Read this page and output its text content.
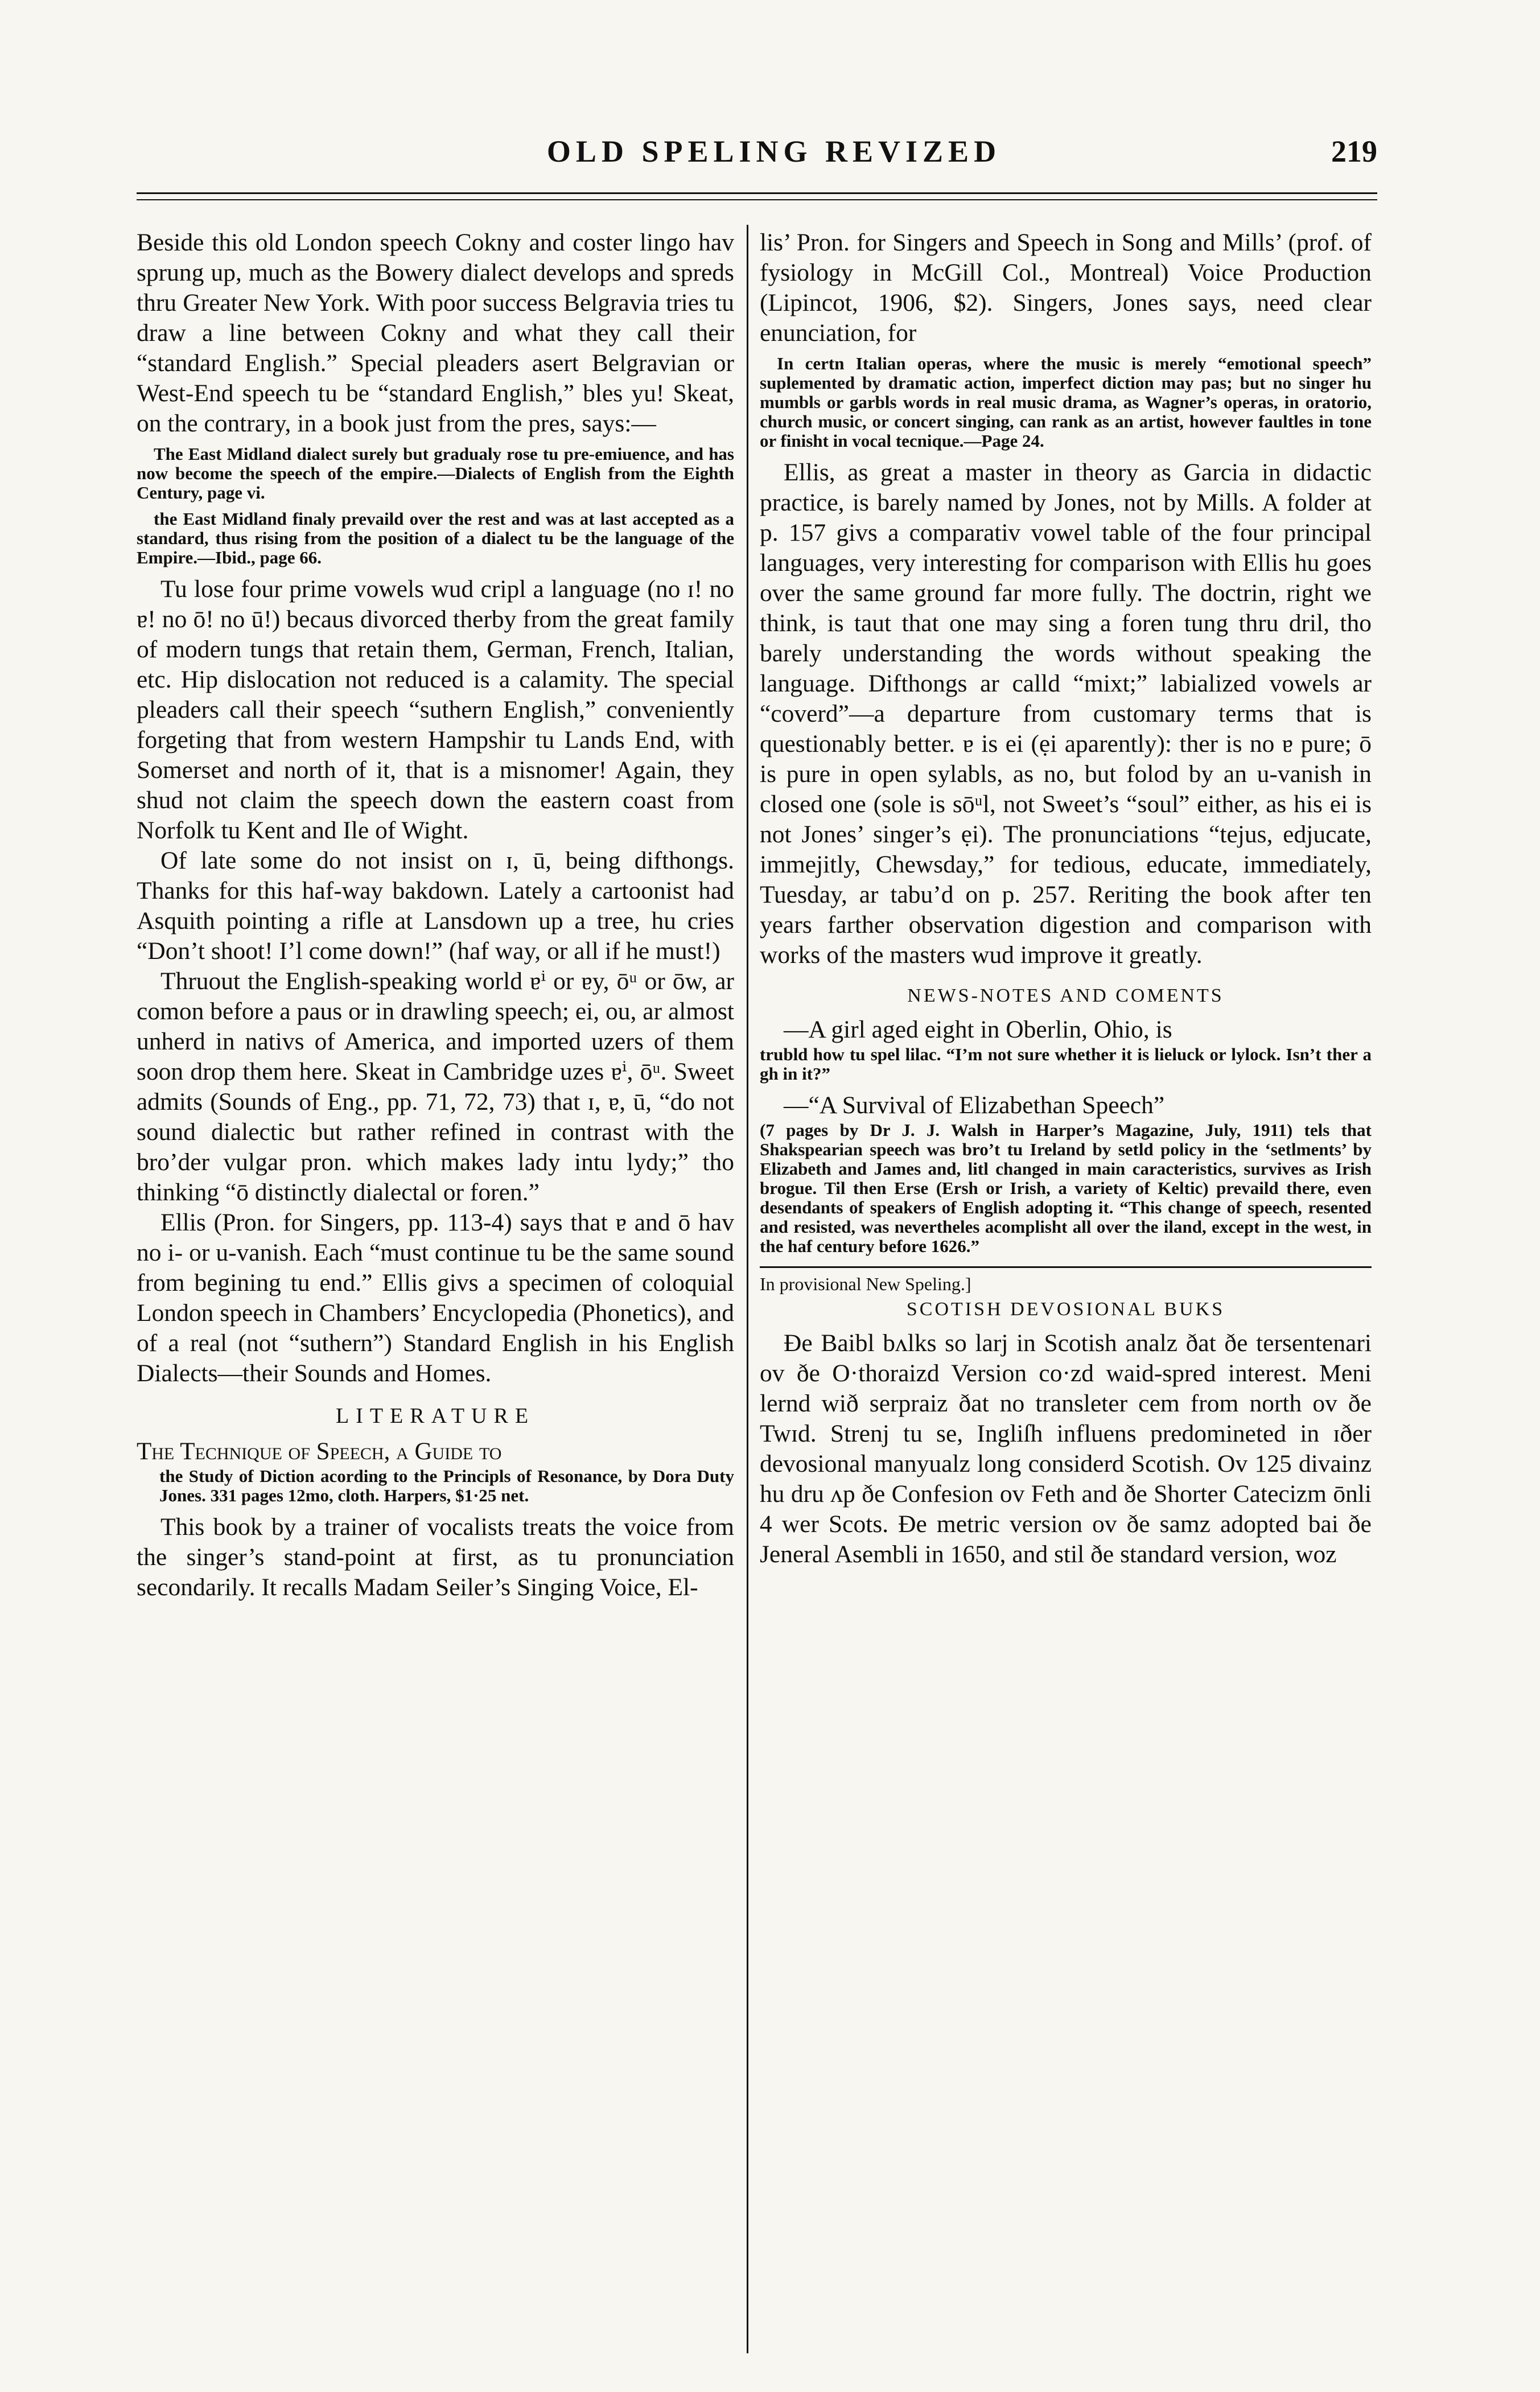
OLD SPELING REVIZED	219

Beside this old London speech Cokny and coster lingo hav sprung up, much as the Bowery dialect develops and spreds thru Greater New York. With poor success Belgravia tries tu draw a line between Cokny and what they call their “standard English.” Special pleaders asert Belgravian or West-End speech tu be “standard English,” bles yu! Skeat, on the contrary, in a book just from the pres, says:—

The East Midland dialect surely but gradualy rose tu pre-emiuence, and has now become the speech of the empire.—Dialects of English from the Eighth Century, page vi.

the East Midland finaly prevaild over the rest and was at last accepted as a standard, thus rising from the position of a dialect tu be the language of the Empire.—Ibid., page 66.

Tu lose four prime vowels wud cripl a language (no ɪ! no ɐ! no ō! no ū!) becaus divorced therby from the great family of modern tungs that retain them, German, French, Italian, etc. Hip dislocation not reduced is a calamity. The special pleaders call their speech “suthern English,” conveniently forgeting that from western Hampshir tu Lands End, with Somerset and north of it, that is a misnomer! Again, they shud not claim the speech down the eastern coast from Norfolk tu Kent and Ile of Wight.

Of late some do not insist on ɪ, ū, being difthongs. Thanks for this haf-way bakdown. Lately a cartoonist had Asquith pointing a rifle at Lansdown up a tree, hu cries “Don’t shoot! I’l come down!” (haf way, or all if he must!)

Thruout the English-speaking world ɐⁱ or ɐy, ōᵘ or ōw, ar comon before a paus or in drawling speech; ei, ou, ar almost unherd in nativs of America, and imported uzers of them soon drop them here. Skeat in Cambridge uzes ɐⁱ, ōᵘ. Sweet admits (Sounds of Eng., pp. 71, 72, 73) that ɪ, ɐ, ū, “do not sound dialectic but rather refined in contrast with the bro’der vulgar pron. which makes lady intu lydy;” tho thinking “ō distinctly dialectal or foren.”

Ellis (Pron. for Singers, pp. 113-4) says that ɐ and ō hav no i- or u-vanish. Each “must continue tu be the same sound from begining tu end.” Ellis givs a specimen of coloquial London speech in Chambers’ Encyclopedia (Phonetics), and of a real (not “suthern”) Standard English in his English Dialects—their Sounds and Homes.

LITERATURE

The Technique of Speech, a Guide to

the Study of Diction acording to the Principls of Resonance, by Dora Duty Jones. 331 pages 12mo, cloth. Harpers, $1·25 net.

This book by a trainer of vocalists treats the voice from the singer’s stand-point at first, as tu pronunciation secondarily. It recalls Madam Seiler’s Singing Voice, El-

lis’ Pron. for Singers and Speech in Song and Mills’ (prof. of fysiology in McGill Col., Montreal) Voice Production (Lipincot, 1906, $2). Singers, Jones says, need clear enunciation, for

In certn Italian operas, where the music is merely “emotional speech” suplemented by dramatic action, imperfect diction may pas; but no singer hu mumbls or garbls words in real music drama, as Wagner’s operas, in oratorio, church music, or concert singing, can rank as an artist, however faultles in tone or finisht in vocal tecnique.—Page 24.

Ellis, as great a master in theory as Garcia in didactic practice, is barely named by Jones, not by Mills. A folder at p. 157 givs a comparativ vowel table of the four principal languages, very interesting for comparison with Ellis hu goes over the same ground far more fully. The doctrin, right we think, is taut that one may sing a foren tung thru dril, tho barely understanding the words without speaking the language. Difthongs ar calld “mixt;” labialized vowels ar “coverd”—a departure from customary terms that is questionably better. ɐ is ei (ẹi aparently): ther is no ɐ pure; ō is pure in open sylabls, as no, but folod by an u-vanish in closed one (sole is sōᵘl, not Sweet’s “soul” either, as his ei is not Jones’ singer’s ẹi). The pronunciations “tejus, edjucate, immejitly, Chewsday,” for tedious, educate, immediately, Tuesday, ar tabu’d on p. 257. Reriting the book after ten years farther observation digestion and comparison with works of the masters wud improve it greatly.

NEWS-NOTES AND COMENTS

—A girl aged eight in Oberlin, Ohio, is

trubld how tu spel lilac. “I’m not sure whether it is lieluck or lylock. Isn’t ther a gh in it?”

—“A Survival of Elizabethan Speech”

(7 pages by Dr J. J. Walsh in Harper’s Magazine, July, 1911) tels that Shakspearian speech was bro’t tu Ireland by setld policy in the ‘setlments’ by Elizabeth and James and, litl changed in main caracteristics, survives as Irish brogue. Til then Erse (Ersh or Irish, a variety of Keltic) prevaild there, even desendants of speakers of English adopting it. “This change of speech, resented and resisted, was nevertheles acomplisht all over the iland, except in the west, in the haf century before 1626.”

In provisional New Speling.]

SCOTISH DEVOSIONAL BUKS

Ðe Baibl bʌlks so larj in Scotish analz ðat ðe tersentenari ov ðe O·thoraizd Version co·zd waid-spred interest. Meni lernd wið serpraiz ðat no transleter cem from north ov ðe Twɪd. Strenj tu se, Ingliſh influens predomineted in ɪðer devosional manyualz long considerd Scotish. Ov 125 divainz hu dru ʌp ðe Confesion ov Feth and ðe Shorter Catecizm ōnli 4 wer Scots. Ðe metric version ov ðe samz adopted bai ðe Jeneral Asembli in 1650, and stil ðe standard version, woz
